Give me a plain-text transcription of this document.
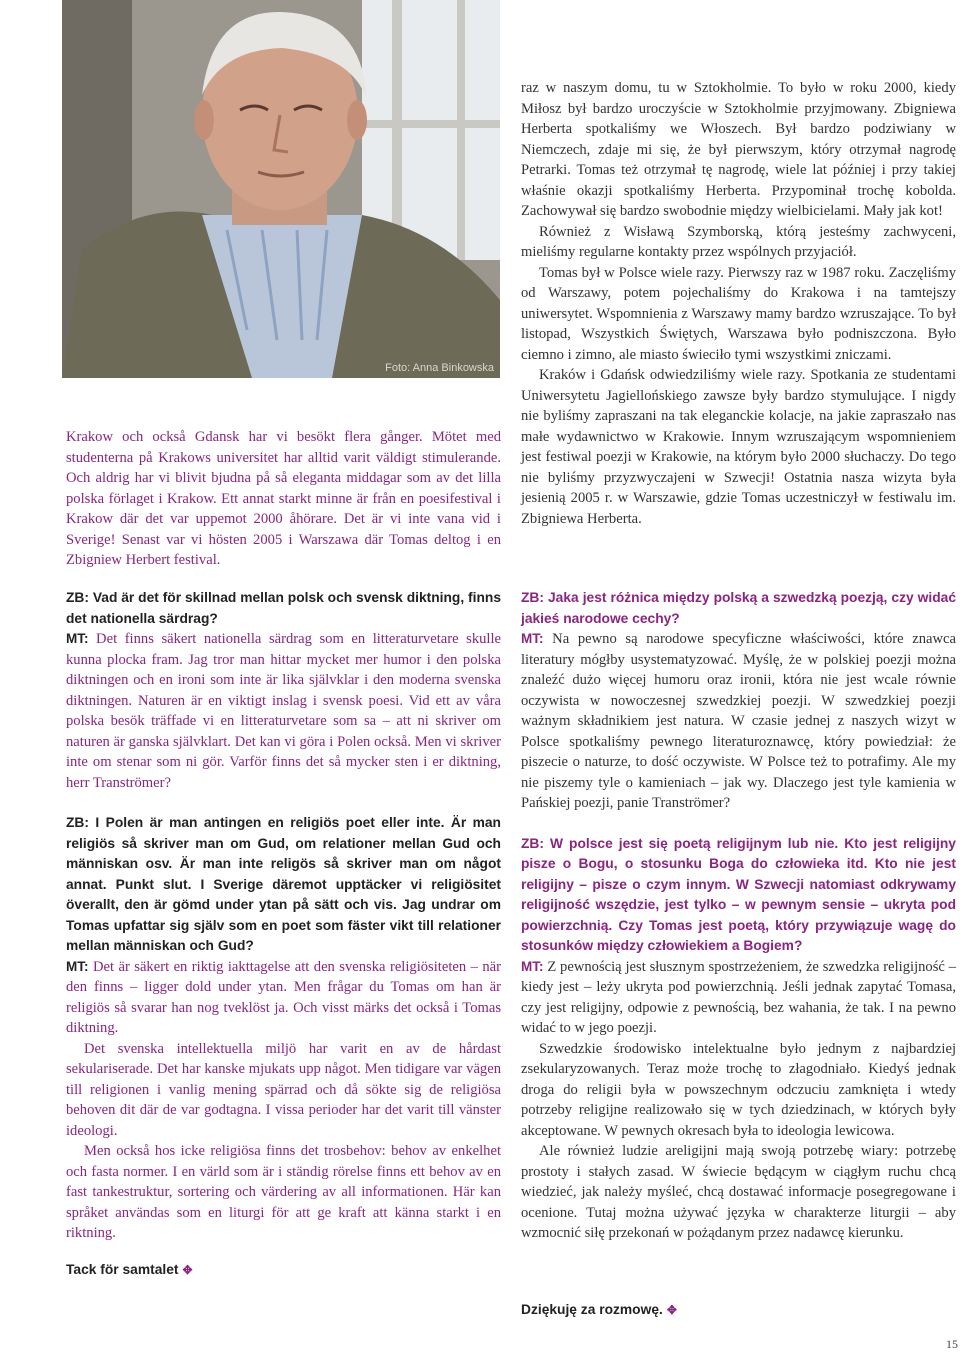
Foto: Anna Binkowska

Krakow och också Gdansk har vi besökt flera gånger. Mötet med studenterna på Krakows universitet har alltid varit väldigt stimulerande. Och aldrig har vi blivit bjudna på så eleganta middagar som av det lilla polska förlaget i Krakow. Ett annat starkt minne är från en poesifestival i Krakow där det var uppemot 2000 åhörare. Det är vi inte vana vid i Sverige! Senast var vi hösten 2005 i Warszawa där Tomas deltog i en Zbigniew Herbert festival.

ZB: Vad är det för skillnad mellan polsk och svensk diktning, finns det nationella särdrag?

MT: Det finns säkert nationella särdrag som en litteraturvetare skulle kunna plocka fram. Jag tror man hittar mycket mer humor i den polska diktningen och en ironi som inte är lika självklar i den moderna svenska diktningen. Naturen är en viktigt inslag i svensk poesi. Vid ett av våra polska besök träffade vi en litteraturvetare som sa – att ni skriver om naturen är ganska självklart. Det kan vi göra i Polen också. Men vi skriver inte om stenar som ni gör. Varför finns det så mycker sten i er diktning, herr Tranströmer?

ZB: I Polen är man antingen en religiös poet eller inte. Är man religiös så skriver man om Gud, om relationer mellan Gud och människan osv. Är man inte religös så skriver man om något annat. Punkt slut. I Sverige däremot upptäcker vi religiösitet överallt, den är gömd under ytan på sätt och vis. Jag undrar om Tomas upfattar sig själv som en poet som fäster vikt till relationer mellan människan och Gud?

MT: Det är säkert en riktig iakttagelse att den svenska religiösiteten – när den finns – ligger dold under ytan. Men frågar du Tomas om han är religiös så svarar han nog tveklöst ja. Och visst märks det också i Tomas diktning.

Det svenska intellektuella miljö har varit en av de hårdast sekulariserade. Det har kanske mjukats upp något. Men tidigare var vägen till religionen i vanlig mening spärrad och då sökte sig de religiösa behoven dit där de var godtagna. I vissa perioder har det varit till vänster ideologi.

Men också hos icke religiösa finns det trosbehov: behov av enkelhet och fasta normer. I en värld som är i ständig rörelse finns ett behov av en fast tankestruktur, sortering och värdering av all informationen. Här kan språket användas som en liturgi för att ge kraft att känna starkt i en riktning.

Tack för samtalet ✥

raz w naszym domu, tu w Sztokholmie. To było w roku 2000, kiedy Miłosz był bardzo uroczyście w Sztokholmie przyjmowany. Zbigniewa Herberta spotkaliśmy we Włoszech. Był bardzo podziwiany w Niemczech, zdaje mi się, że był pierwszym, który otrzymał nagrodę Petrarki. Tomas też otrzymał tę nagrodę, wiele lat później i przy takiej właśnie okazji spotkaliśmy Herberta. Przypominał trochę kobolda. Zachowywał się bardzo swobodnie między wielbicielami. Mały jak kot!

Również z Wisławą Szymborską, którą jesteśmy zachwyceni, mieliśmy regularne kontakty przez wspólnych przyjaciół.

Tomas był w Polsce wiele razy. Pierwszy raz w 1987 roku. Zaczęliśmy od Warszawy, potem pojechaliśmy do Krakowa i na tamtejszy uniwersytet. Wspomnienia z Warszawy mamy bardzo wzruszające. To był listopad, Wszystkich Świętych, Warszawa było podniszczona. Było ciemno i zimno, ale miasto świeciło tymi wszystkimi zniczami.

Kraków i Gdańsk odwiedziliśmy wiele razy. Spotkania ze studentami Uniwersytetu Jagiellońskiego zawsze były bardzo stymulujące. I nigdy nie byliśmy zapraszani na tak eleganckie kolacje, na jakie zapraszało nas małe wydawnictwo w Krakowie. Innym wzruszającym wspomnieniem jest festiwal poezji w Krakowie, na którym było 2000 słuchaczy. Do tego nie byliśmy przyzwyczajeni w Szwecji! Ostatnia nasza wizyta była jesienią 2005 r. w Warszawie, gdzie Tomas uczestniczył w festiwalu im. Zbigniewa Herberta.

ZB: Jaka jest różnica między polską a szwedzką poezją, czy widać jakieś narodowe cechy?

MT: Na pewno są narodowe specyficzne właściwości, które znawca literatury mógłby usystematyzować. Myślę, że w polskiej poezji można znaleźć dużo więcej humoru oraz ironii, która nie jest wcale równie oczywista w nowoczesnej szwedzkiej poezji. W szwedzkiej poezji ważnym składnikiem jest natura. W czasie jednej z naszych wizyt w Polsce spotkaliśmy pewnego literaturoznawcę, który powiedział: że piszecie o naturze, to dość oczywiste. W Polsce też to potrafimy. Ale my nie piszemy tyle o kamieniach – jak wy. Dlaczego jest tyle kamienia w Pańskiej poezji, panie Tranströmer?

ZB: W polsce jest się poetą religijnym lub nie. Kto jest religijny pisze o Bogu, o stosunku Boga do człowieka itd. Kto nie jest religijny – pisze o czym innym. W Szwecji natomiast odkrywamy religijność wszędzie, jest tylko – w pewnym sensie – ukryta pod powierzchnią. Czy Tomas jest poetą, który przywiązuje wagę do stosunków między człowiekiem a Bogiem?

MT: Z pewnością jest słusznym spostrzeżeniem, że szwedzka religijność – kiedy jest – leży ukryta pod powierzchnią. Jeśli jednak zapytać Tomasa, czy jest religijny, odpowie z pewnością, bez wahania, że tak. I na pewno widać to w jego poezji.

Szwedzkie środowisko intelektualne było jednym z najbardziej zsekularyzowanych. Teraz może trochę to złagodniało. Kiedyś jednak droga do religii była w powszechnym odczuciu zamknięta i wtedy potrzeby religijne realizowało się w tych dziedzinach, w których były akceptowane. W pewnych okresach była to ideologia lewicowa.

Ale również ludzie areligijni mają swoją potrzebę wiary: potrzebę prostoty i stałych zasad. W świecie będącym w ciągłym ruchu chcą wiedzieć, jak należy myśleć, chcą dostawać informacje posegregowane i ocenione. Tutaj można używać języka w charakterze liturgii – aby wzmocnić siłę przekonań w pożądanym przez nadawcę kierunku.

Dziękuję za rozmowę. ✥

15
